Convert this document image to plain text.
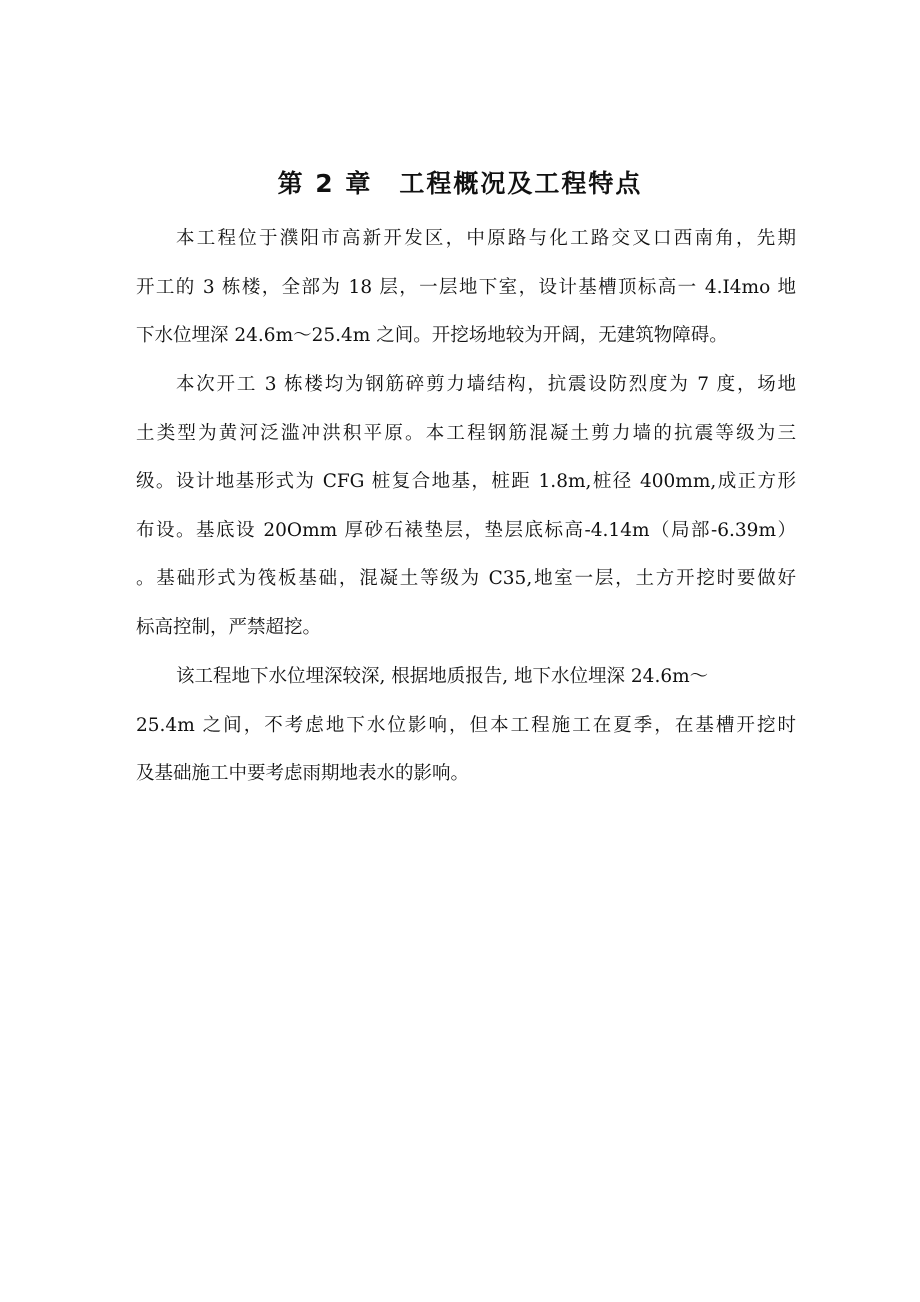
第 2 章　工程概况及工程特点

本工程位于濮阳市高新开发区，中原路与化工路交叉口西南角，先期
开工的 3 栋楼，全部为 18 层，一层地下室，设计基槽顶标高一 4.I4mo 地
下水位埋深 24.6m～25.4m 之间。开挖场地较为开阔，无建筑物障碍。

本次开工 3 栋楼均为钢筋碎剪力墙结构，抗震设防烈度为 7 度，场地
土类型为黄河泛滥冲洪积平原。本工程钢筋混凝土剪力墙的抗震等级为三
级。设计地基形式为 CFG 桩复合地基，桩距 1.8m,桩径 400mm,成正方形
布设。基底设 20Omm 厚砂石裱垫层，垫层底标高-4.14m（局部-6.39m）
。基础形式为筏板基础，混凝土等级为 C35,地室一层，土方开挖时要做好
标高控制，严禁超挖。

该工程地下水位埋深较深, 根据地质报告, 地下水位埋深 24.6m～
25.4m 之间，不考虑地下水位影响，但本工程施工在夏季，在基槽开挖时
及基础施工中要考虑雨期地表水的影响。
